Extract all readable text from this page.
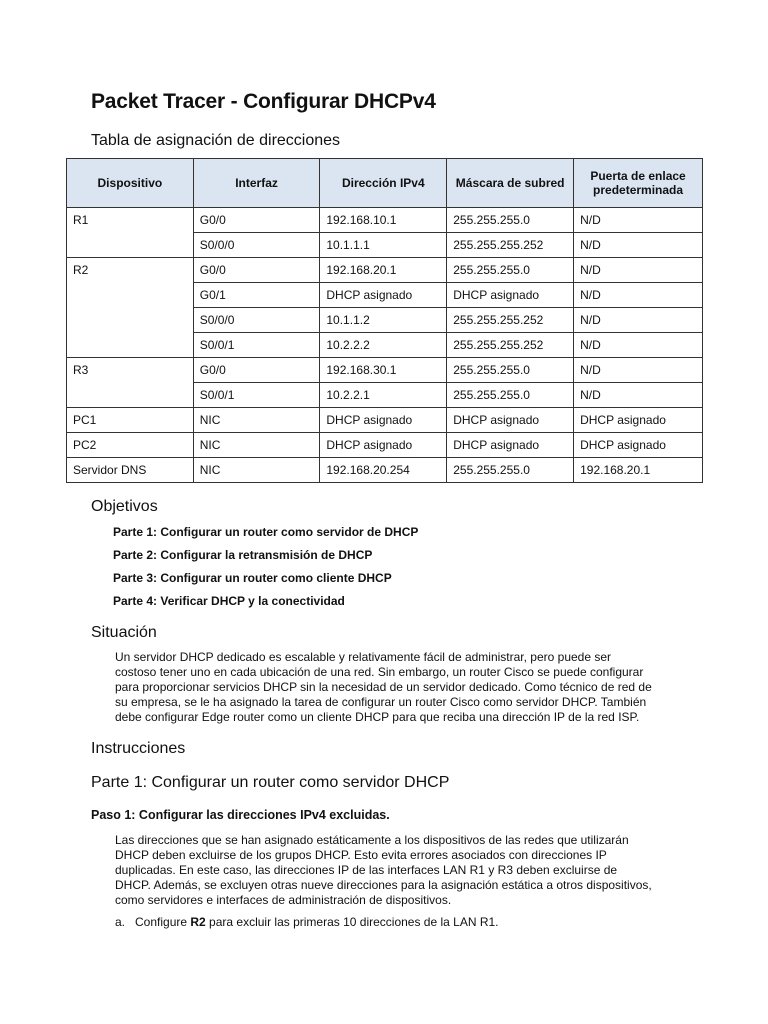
Packet Tracer - Configurar DHCPv4
Tabla de asignación de direcciones
Dispositivo	Interfaz	Dirección IPv4	Máscara de subred	Puerta de enlace predeterminada
R1	G0/0	192.168.10.1	255.255.255.0	N/D
	S0/0/0	10.1.1.1	255.255.255.252	N/D
R2	G0/0	192.168.20.1	255.255.255.0	N/D
	G0/1	DHCP asignado	DHCP asignado	N/D
	S0/0/0	10.1.1.2	255.255.255.252	N/D
	S0/0/1	10.2.2.2	255.255.255.252	N/D
R3	G0/0	192.168.30.1	255.255.255.0	N/D
	S0/0/1	10.2.2.1	255.255.255.0	N/D
PC1	NIC	DHCP asignado	DHCP asignado	DHCP asignado
PC2	NIC	DHCP asignado	DHCP asignado	DHCP asignado
Servidor DNS	NIC	192.168.20.254	255.255.255.0	192.168.20.1
Objetivos
Parte 1: Configurar un router como servidor de DHCP
Parte 2: Configurar la retransmisión de DHCP
Parte 3: Configurar un router como cliente DHCP
Parte 4: Verificar DHCP y la conectividad
Situación
Un servidor DHCP dedicado es escalable y relativamente fácil de administrar, pero puede ser
costoso tener uno en cada ubicación de una red. Sin embargo, un router Cisco se puede configurar
para proporcionar servicios DHCP sin la necesidad de un servidor dedicado. Como técnico de red de
su empresa, se le ha asignado la tarea de configurar un router Cisco como servidor DHCP. También
debe configurar Edge router como un cliente DHCP para que reciba una dirección IP de la red ISP.
Instrucciones
Parte 1: Configurar un router como servidor DHCP
Paso 1: Configurar las direcciones IPv4 excluidas.
Las direcciones que se han asignado estáticamente a los dispositivos de las redes que utilizarán
DHCP deben excluirse de los grupos DHCP. Esto evita errores asociados con direcciones IP
duplicadas. En este caso, las direcciones IP de las interfaces LAN R1 y R3 deben excluirse de
DHCP. Además, se excluyen otras nueve direcciones para la asignación estática a otros dispositivos,
como servidores e interfaces de administración de dispositivos.
a. Configure R2 para excluir las primeras 10 direcciones de la LAN R1.
